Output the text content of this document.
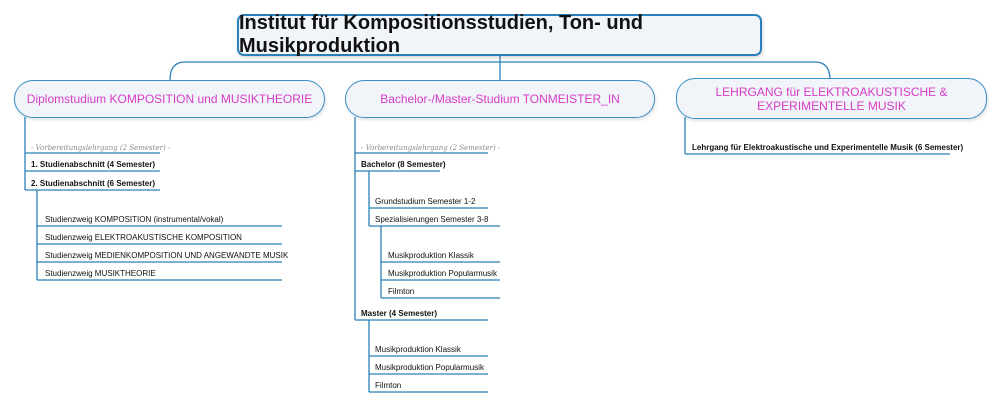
Institut für Kompositionsstudien, Ton- und Musikproduktion
Diplomstudium KOMPOSITION und MUSIKTHEORIE	Bachelor-/Master-Studium TONMEISTER_IN
LEHRGANG für ELEKTROAKUSTISCHE &
EXPERIMENTELLE MUSIK
- Vorbereitungslehrgang (2 Semester) -
1. Studienabschnitt (4 Semester)
2. Studienabschnitt (6 Semester)
Studienzweig KOMPOSITION (instrumental/vokal)
Studienzweig ELEKTROAKUSTISCHE KOMPOSITION
Studienzweig MEDIENKOMPOSITION UND ANGEWANDTE MUSIK
Studienzweig MUSIKTHEORIE
- Vorbereitungslehrgang (2 Semester) -
Bachelor (8 Semester)
Grundstudium Semester 1-2
Spezialisierungen Semester 3-8
Musikproduktion Klassik
Musikproduktion Popularmusik
Filmton
Master (4 Semester)
Musikproduktion Klassik
Musikproduktion Popularmusik
Filmton
Lehrgang für Elektroakustische und Experimentelle Musik (6 Semester)
